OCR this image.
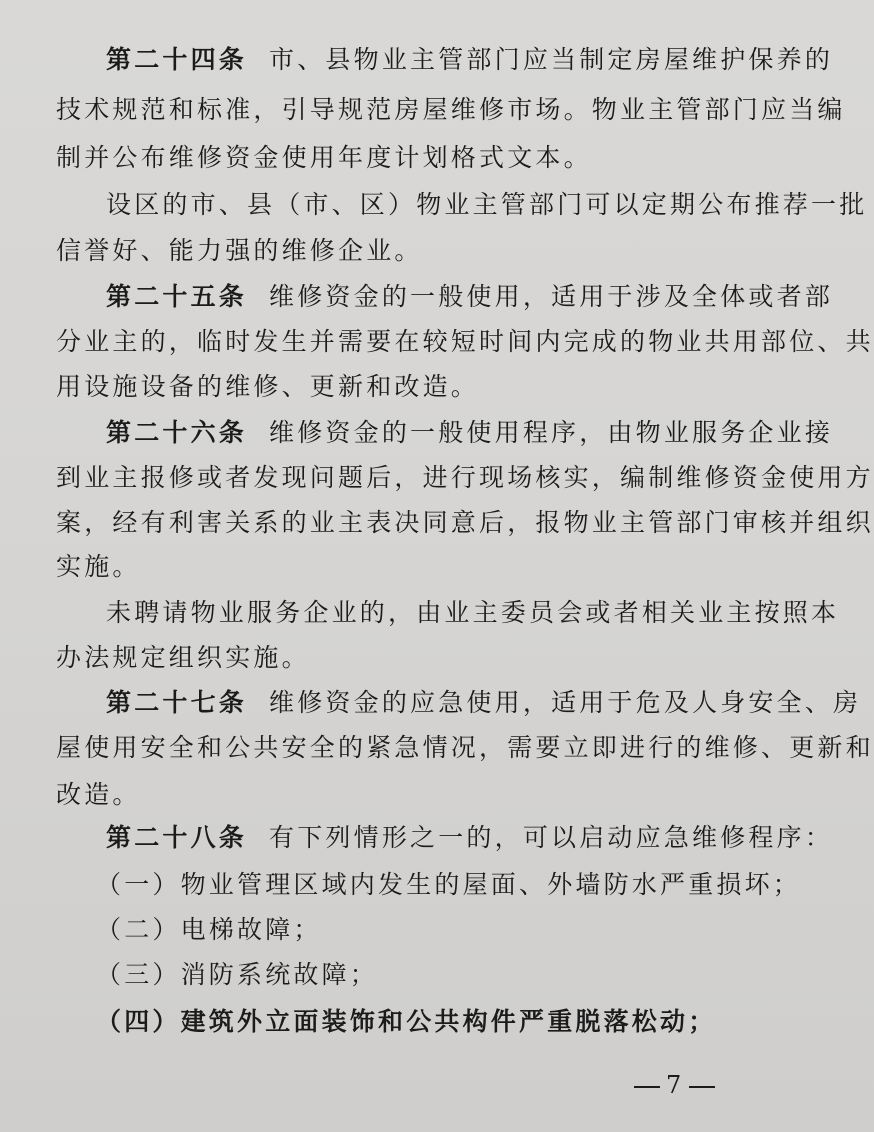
第二十四条 市、县物业主管部门应当制定房屋维护保养的
技术规范和标准，引导规范房屋维修市场。物业主管部门应当编
制并公布维修资金使用年度计划格式文本。
设区的市、县（市、区）物业主管部门可以定期公布推荐一批
信誉好、能力强的维修企业。
第二十五条 维修资金的一般使用，适用于涉及全体或者部
分业主的，临时发生并需要在较短时间内完成的物业共用部位、共
用设施设备的维修、更新和改造。
第二十六条 维修资金的一般使用程序，由物业服务企业接
到业主报修或者发现问题后，进行现场核实，编制维修资金使用方
案，经有利害关系的业主表决同意后，报物业主管部门审核并组织
实施。
未聘请物业服务企业的，由业主委员会或者相关业主按照本
办法规定组织实施。
第二十七条 维修资金的应急使用，适用于危及人身安全、房
屋使用安全和公共安全的紧急情况，需要立即进行的维修、更新和
改造。
第二十八条 有下列情形之一的，可以启动应急维修程序：
（一）物业管理区域内发生的屋面、外墙防水严重损坏；
（二）电梯故障；
（三）消防系统故障；
（四）建筑外立面装饰和公共构件严重脱落松动；
7
